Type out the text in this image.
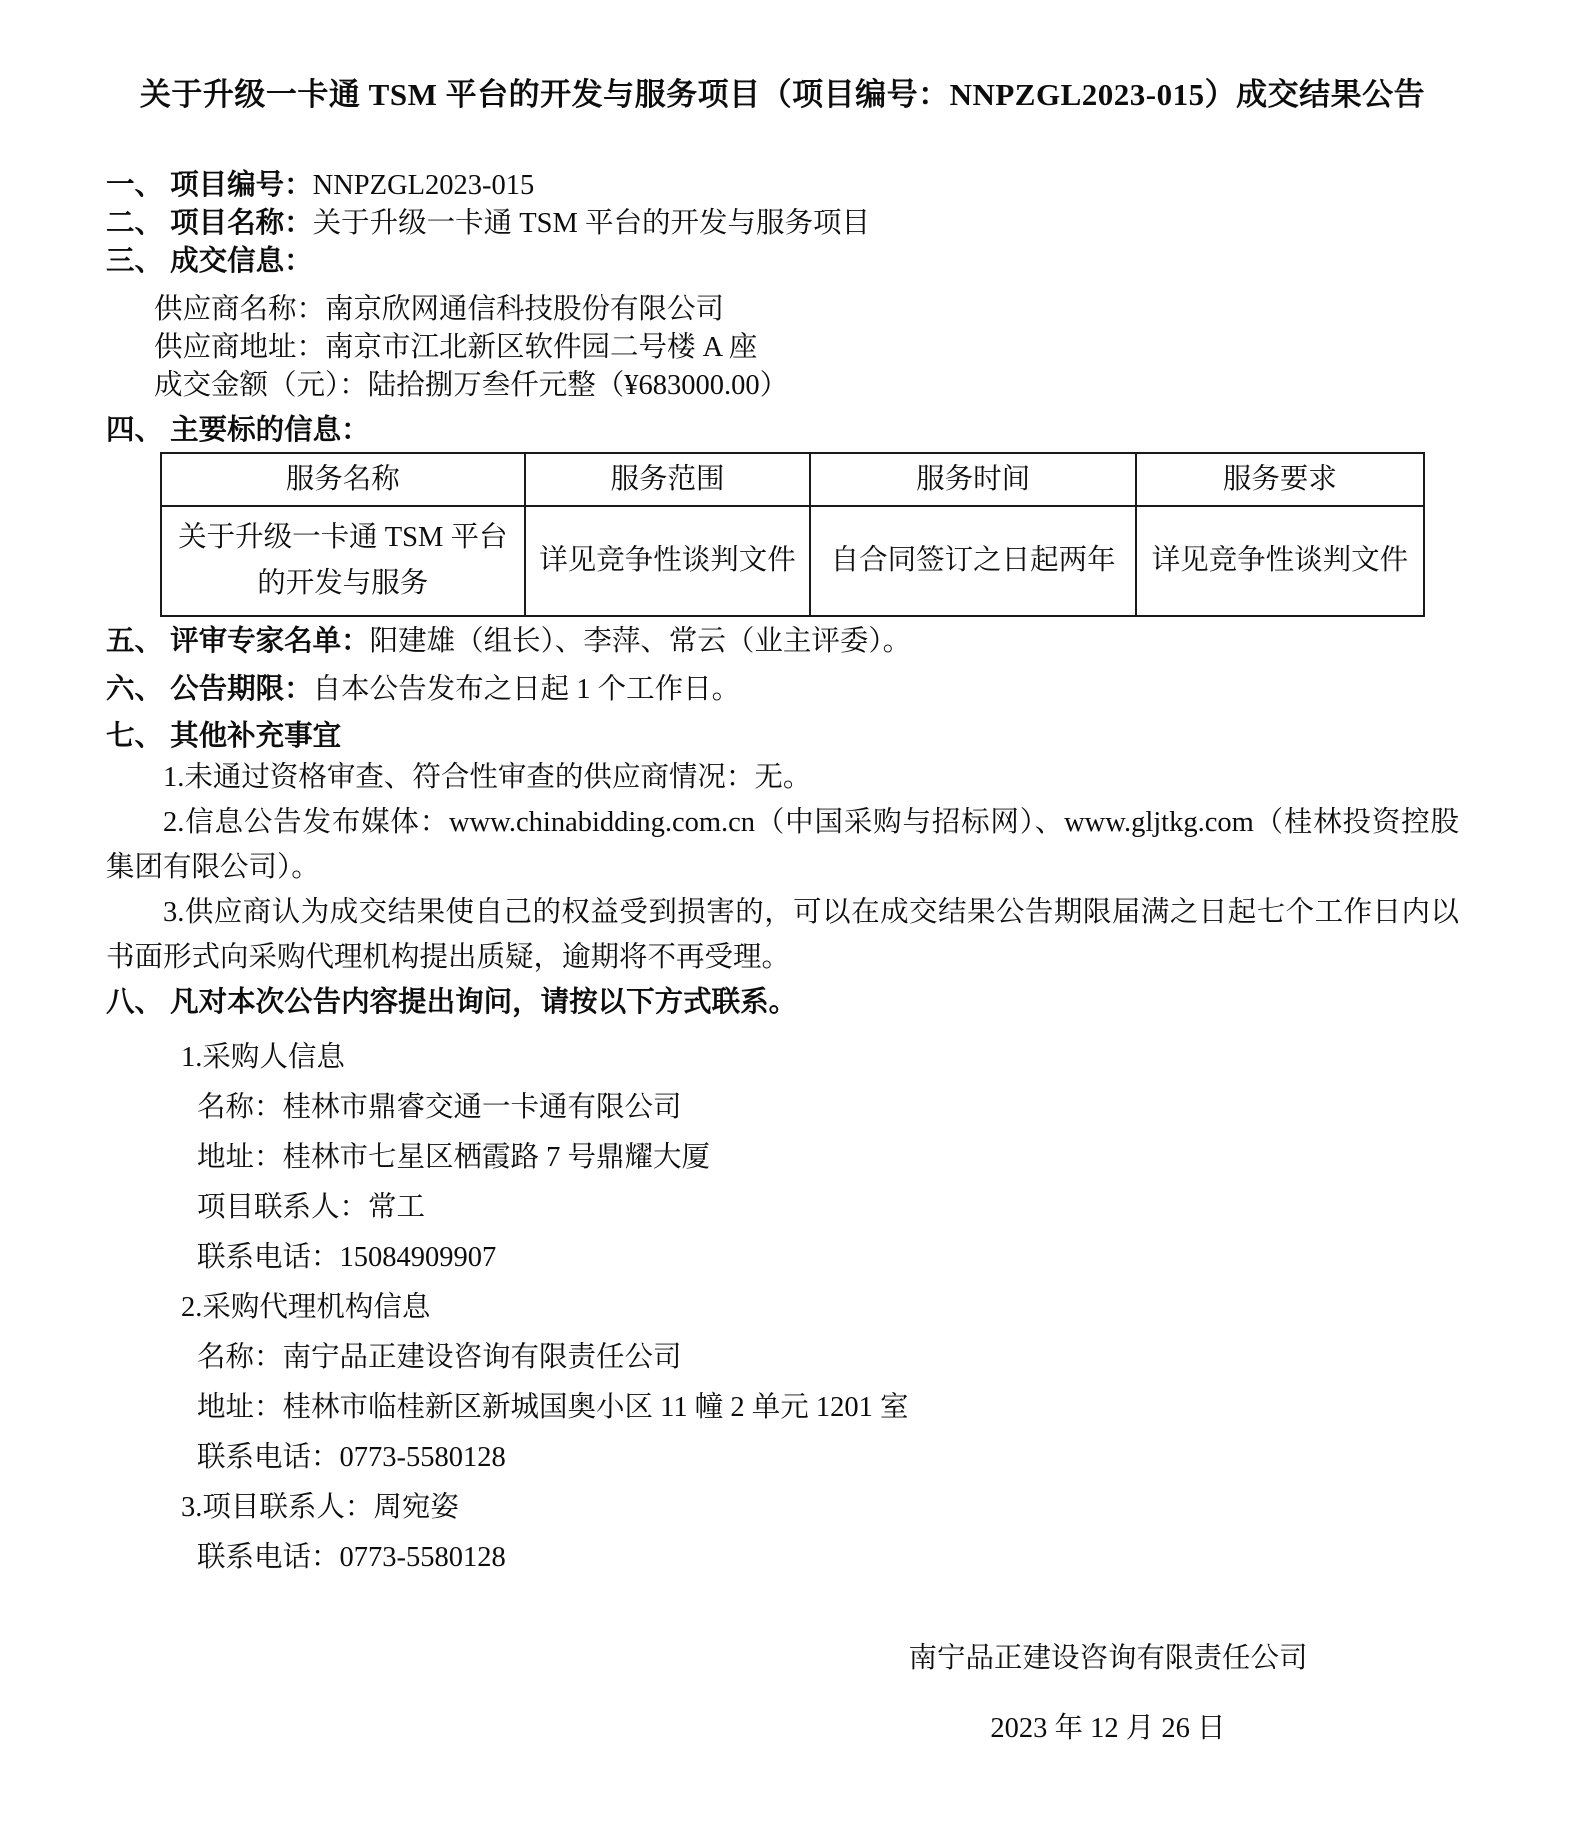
关于升级一卡通 TSM 平台的开发与服务项目（项目编号：NNPZGL2023-015）成交结果公告

一、 项目编号：NNPZGL2023-015

二、 项目名称：关于升级一卡通 TSM 平台的开发与服务项目

三、 成交信息：

供应商名称：南京欣网通信科技股份有限公司

供应商地址：南京市江北新区软件园二号楼 A 座

成交金额（元）：陆拾捌万叁仟元整（¥683000.00）

四、 主要标的信息：

服务名称	服务范围	服务时间	服务要求
关于升级一卡通 TSM 平台的开发与服务	详见竞争性谈判文件	自合同签订之日起两年	详见竞争性谈判文件

五、 评审专家名单：阳建雄（组长）、李萍、常云（业主评委）。

六、 公告期限：自本公告发布之日起 1 个工作日。

七、 其他补充事宜

1.未通过资格审查、符合性审查的供应商情况：无。

2.信息公告发布媒体：www.chinabidding.com.cn（中国采购与招标网）、www.gljtkg.com（桂林投资控股集团有限公司）。

3.供应商认为成交结果使自己的权益受到损害的，可以在成交结果公告期限届满之日起七个工作日内以书面形式向采购代理机构提出质疑，逾期将不再受理。

八、 凡对本次公告内容提出询问，请按以下方式联系。

1.采购人信息

名称：桂林市鼎睿交通一卡通有限公司

地址：桂林市七星区栖霞路 7 号鼎耀大厦

项目联系人：常工

联系电话：15084909907

2.采购代理机构信息

名称：南宁品正建设咨询有限责任公司

地址：桂林市临桂新区新城国奥小区 11 幢 2 单元 1201 室

联系电话：0773-5580128

3.项目联系人：周宛姿

联系电话：0773-5580128

南宁品正建设咨询有限责任公司

2023 年 12 月 26 日
